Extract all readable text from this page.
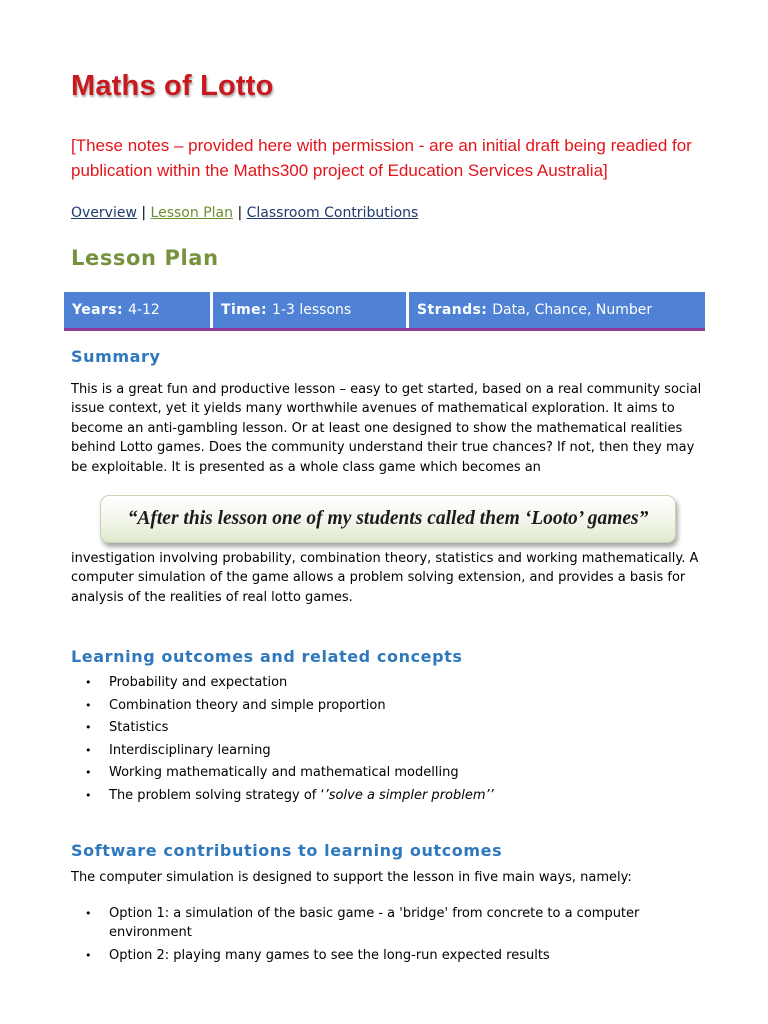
Maths of Lotto

[These notes – provided here with permission - are an initial draft being readied for publication within the Maths300 project of Education Services Australia]

Overview | Lesson Plan | Classroom Contributions
Lesson Plan
Years: 4-12	Time: 1-3 lessons	Strands: Data, Chance, Number
Summary

This is a great fun and productive lesson – easy to get started, based on a real community social issue context, yet it yields many worthwhile avenues of mathematical exploration. It aims to become an anti-gambling lesson. Or at least one designed to show the mathematical realities behind Lotto games. Does the community understand their true chances? If not, then they may be exploitable. It is presented as a whole class game which becomes an

“After this lesson one of my students called them ‘Looto’ games”

investigation involving probability, combination theory, statistics and working mathematically. A computer simulation of the game allows a problem solving extension, and provides a basis for analysis of the realities of real lotto games.

Learning outcomes and related concepts
• Probability and expectation
• Combination theory and simple proportion
• Statistics
• Interdisciplinary learning
• Working mathematically and mathematical modelling
• The problem solving strategy of ‘’solve a simpler problem’’
Software contributions to learning outcomes

The computer simulation is designed to support the lesson in five main ways, namely:

• Option 1: a simulation of the basic game - a 'bridge' from concrete to a computer environment
• Option 2: playing many games to see the long-run expected results
